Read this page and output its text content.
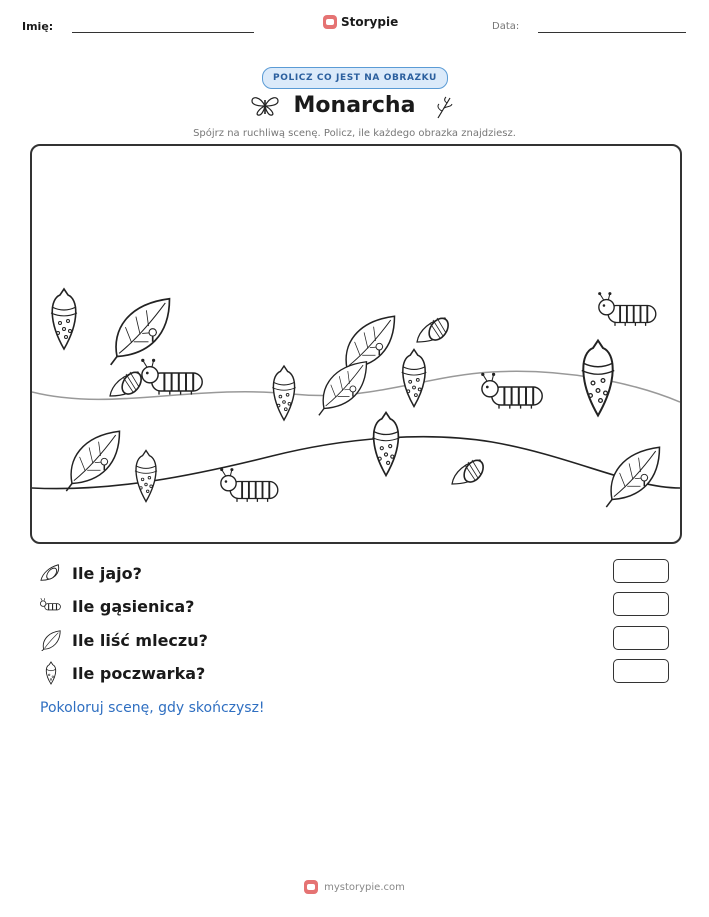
Imię:	Storypie	Data:
POLICZ CO JEST NA OBRAZKU
Monarcha
Spójrz na ruchliwą scenę. Policz, ile każdego obrazka znajdziesz.
Ile jajo?
Ile gąsienica?
Ile liść mleczu?
Ile poczwarka?
Pokoloruj scenę, gdy skończysz!
mystorypie.com
